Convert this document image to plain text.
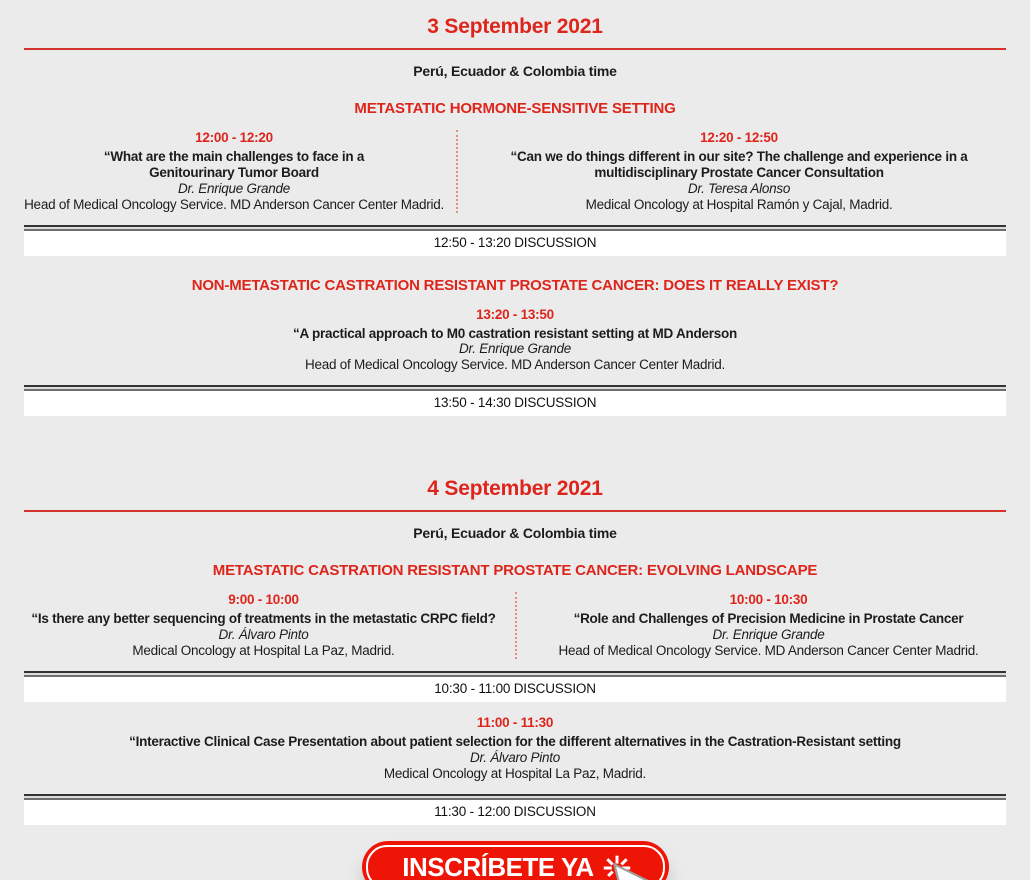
3 September 2021

Perú, Ecuador & Colombia time

METASTATIC HORMONE-SENSITIVE SETTING

12:00 - 12:20

“What are the main challenges to face in a Genitourinary Tumor Board

Dr. Enrique Grande

Head of Medical Oncology Service. MD Anderson Cancer Center Madrid.

12:20 - 12:50

“Can we do things different in our site? The challenge and experience in a multidisciplinary Prostate Cancer Consultation

Dr. Teresa Alonso

Medical Oncology at Hospital Ramón y Cajal, Madrid.

12:50 - 13:20 DISCUSSION
NON-METASTATIC CASTRATION RESISTANT PROSTATE CANCER: DOES IT REALLY EXIST?

13:20 - 13:50

“A practical approach to M0 castration resistant setting at MD Anderson

Dr. Enrique Grande

Head of Medical Oncology Service. MD Anderson Cancer Center Madrid.

13:50 - 14:30 DISCUSSION
4 September 2021

Perú, Ecuador & Colombia time

METASTATIC CASTRATION RESISTANT PROSTATE CANCER: EVOLVING LANDSCAPE

9:00 - 10:00

“Is there any better sequencing of treatments in the metastatic CRPC field?

Dr. Álvaro Pinto

Medical Oncology at Hospital La Paz, Madrid.

10:00 - 10:30

“Role and Challenges of Precision Medicine in Prostate Cancer

Dr. Enrique Grande

Head of Medical Oncology Service. MD Anderson Cancer Center Madrid.

10:30 - 11:00 DISCUSSION

11:00 - 11:30

“Interactive Clinical Case Presentation about patient selection for the different alternatives in the Castration-Resistant setting

Dr. Álvaro Pinto

Medical Oncology at Hospital La Paz, Madrid.

11:30 - 12:00 DISCUSSION
INSCRÍBETE YA
